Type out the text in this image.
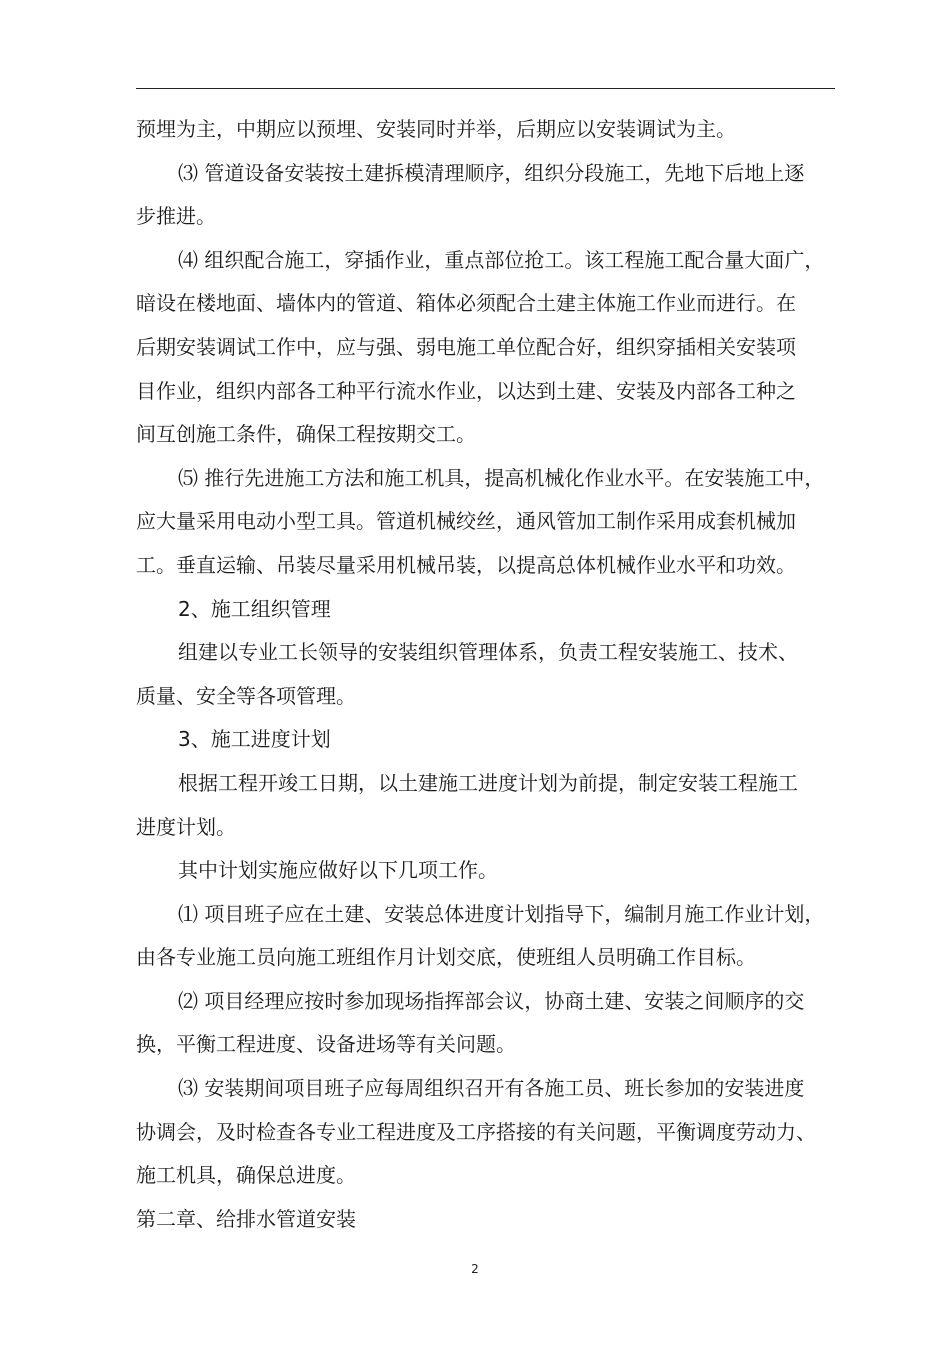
预埋为主，中期应以预埋、安装同时并举，后期应以安装调试为主。
⑶ 管道设备安装按土建拆模清理顺序，组织分段施工，先地下后地上逐
步推进。
⑷ 组织配合施工，穿插作业，重点部位抢工。该工程施工配合量大面广，
暗设在楼地面、墙体内的管道、箱体必须配合土建主体施工作业而进行。在
后期安装调试工作中，应与强、弱电施工单位配合好，组织穿插相关安装项
目作业，组织内部各工种平行流水作业，以达到土建、安装及内部各工种之
间互创施工条件，确保工程按期交工。
⑸ 推行先进施工方法和施工机具，提高机械化作业水平。在安装施工中，
应大量采用电动小型工具。管道机械绞丝，通风管加工制作采用成套机械加
工。垂直运输、吊装尽量采用机械吊装，以提高总体机械作业水平和功效。
2、施工组织管理
组建以专业工长领导的安装组织管理体系，负责工程安装施工、技术、
质量、安全等各项管理。
3、施工进度计划
根据工程开竣工日期，以土建施工进度计划为前提，制定安装工程施工
进度计划。
其中计划实施应做好以下几项工作。
⑴ 项目班子应在土建、安装总体进度计划指导下，编制月施工作业计划，
由各专业施工员向施工班组作月计划交底，使班组人员明确工作目标。
⑵ 项目经理应按时参加现场指挥部会议，协商土建、安装之间顺序的交
换，平衡工程进度、设备进场等有关问题。
⑶ 安装期间项目班子应每周组织召开有各施工员、班长参加的安装进度
协调会，及时检查各专业工程进度及工序搭接的有关问题，平衡调度劳动力、
施工机具，确保总进度。
第二章、给排水管道安装
2
